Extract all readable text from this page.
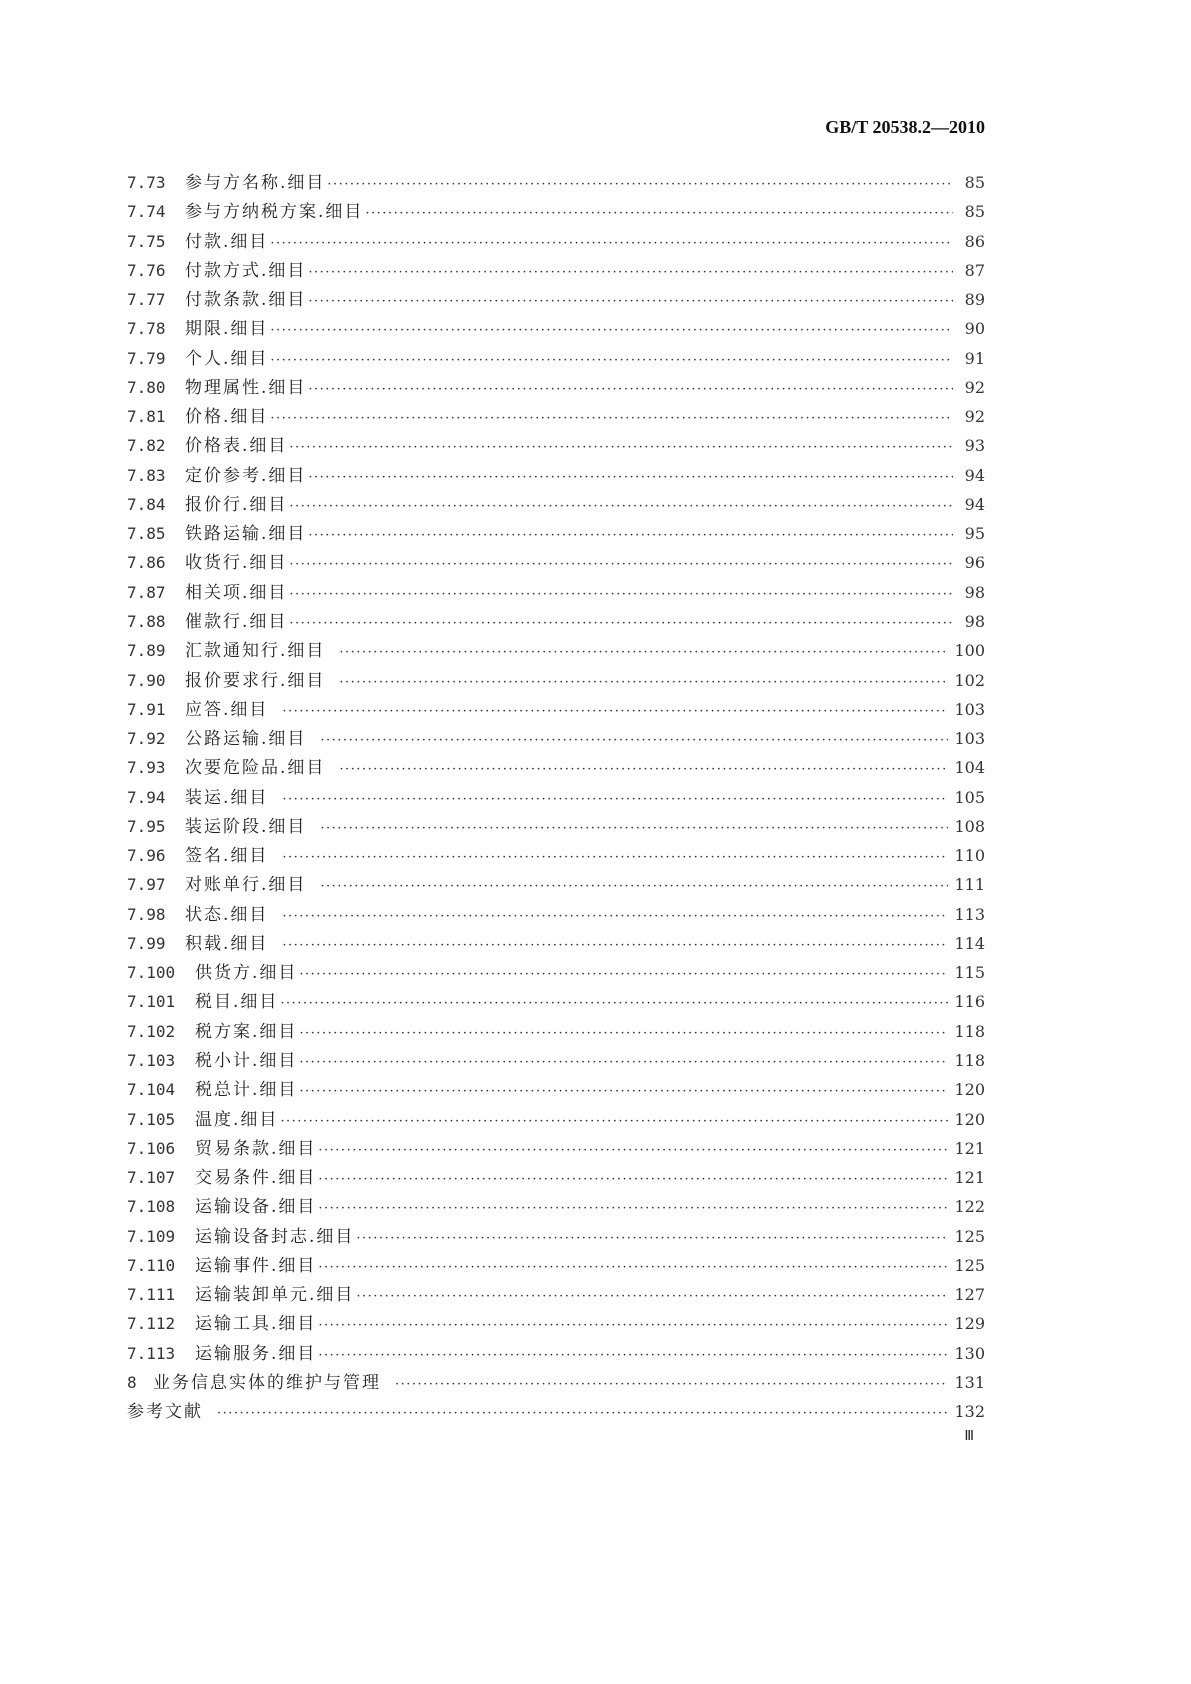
GB/T 20538.2—2010
7.73	参与方名称.细目 ·····	85
7.74	参与方纳税方案.细目 ·····	85
7.75	付款.细目 ·····	86
7.76	付款方式.细目 ·····	87
7.77	付款条款.细目 ·····	89
7.78	期限.细目 ·····	90
7.79	个人.细目 ·····	91
7.80	物理属性.细目 ·····	92
7.81	价格.细目 ·····	92
7.82	价格表.细目 ·····	93
7.83	定价参考.细目 ·····	94
7.84	报价行.细目 ·····	94
7.85	铁路运输.细目 ·····	95
7.86	收货行.细目 ·····	96
7.87	相关项.细目 ·····	98
7.88	催款行.细目 ·····	98
7.89	汇款通知行.细目 ·····	100
7.90	报价要求行.细目 ·····	102
7.91	应答.细目 ·····	103
7.92	公路运输.细目 ·····	103
7.93	次要危险品.细目 ·····	104
7.94	装运.细目 ·····	105
7.95	装运阶段.细目 ·····	108
7.96	签名.细目 ·····	110
7.97	对账单行.细目 ·····	111
7.98	状态.细目 ·····	113
7.99	积载.细目 ·····	114
7.100	供货方.细目 ·····	115
7.101	税目.细目 ·····	116
7.102	税方案.细目 ·····	118
7.103	税小计.细目 ·····	118
7.104	税总计.细目 ·····	120
7.105	温度.细目 ·····	120
7.106	贸易条款.细目 ·····	121
7.107	交易条件.细目 ·····	121
7.108	运输设备.细目 ·····	122
7.109	运输设备封志.细目 ·····	125
7.110	运输事件.细目 ·····	125
7.111	运输装卸单元.细目 ·····	127
7.112	运输工具.细目 ·····	129
7.113	运输服务.细目 ·····	130
8 业务信息实体的维护与管理 ·····	131
参考文献 ·····	132
Ⅲ
